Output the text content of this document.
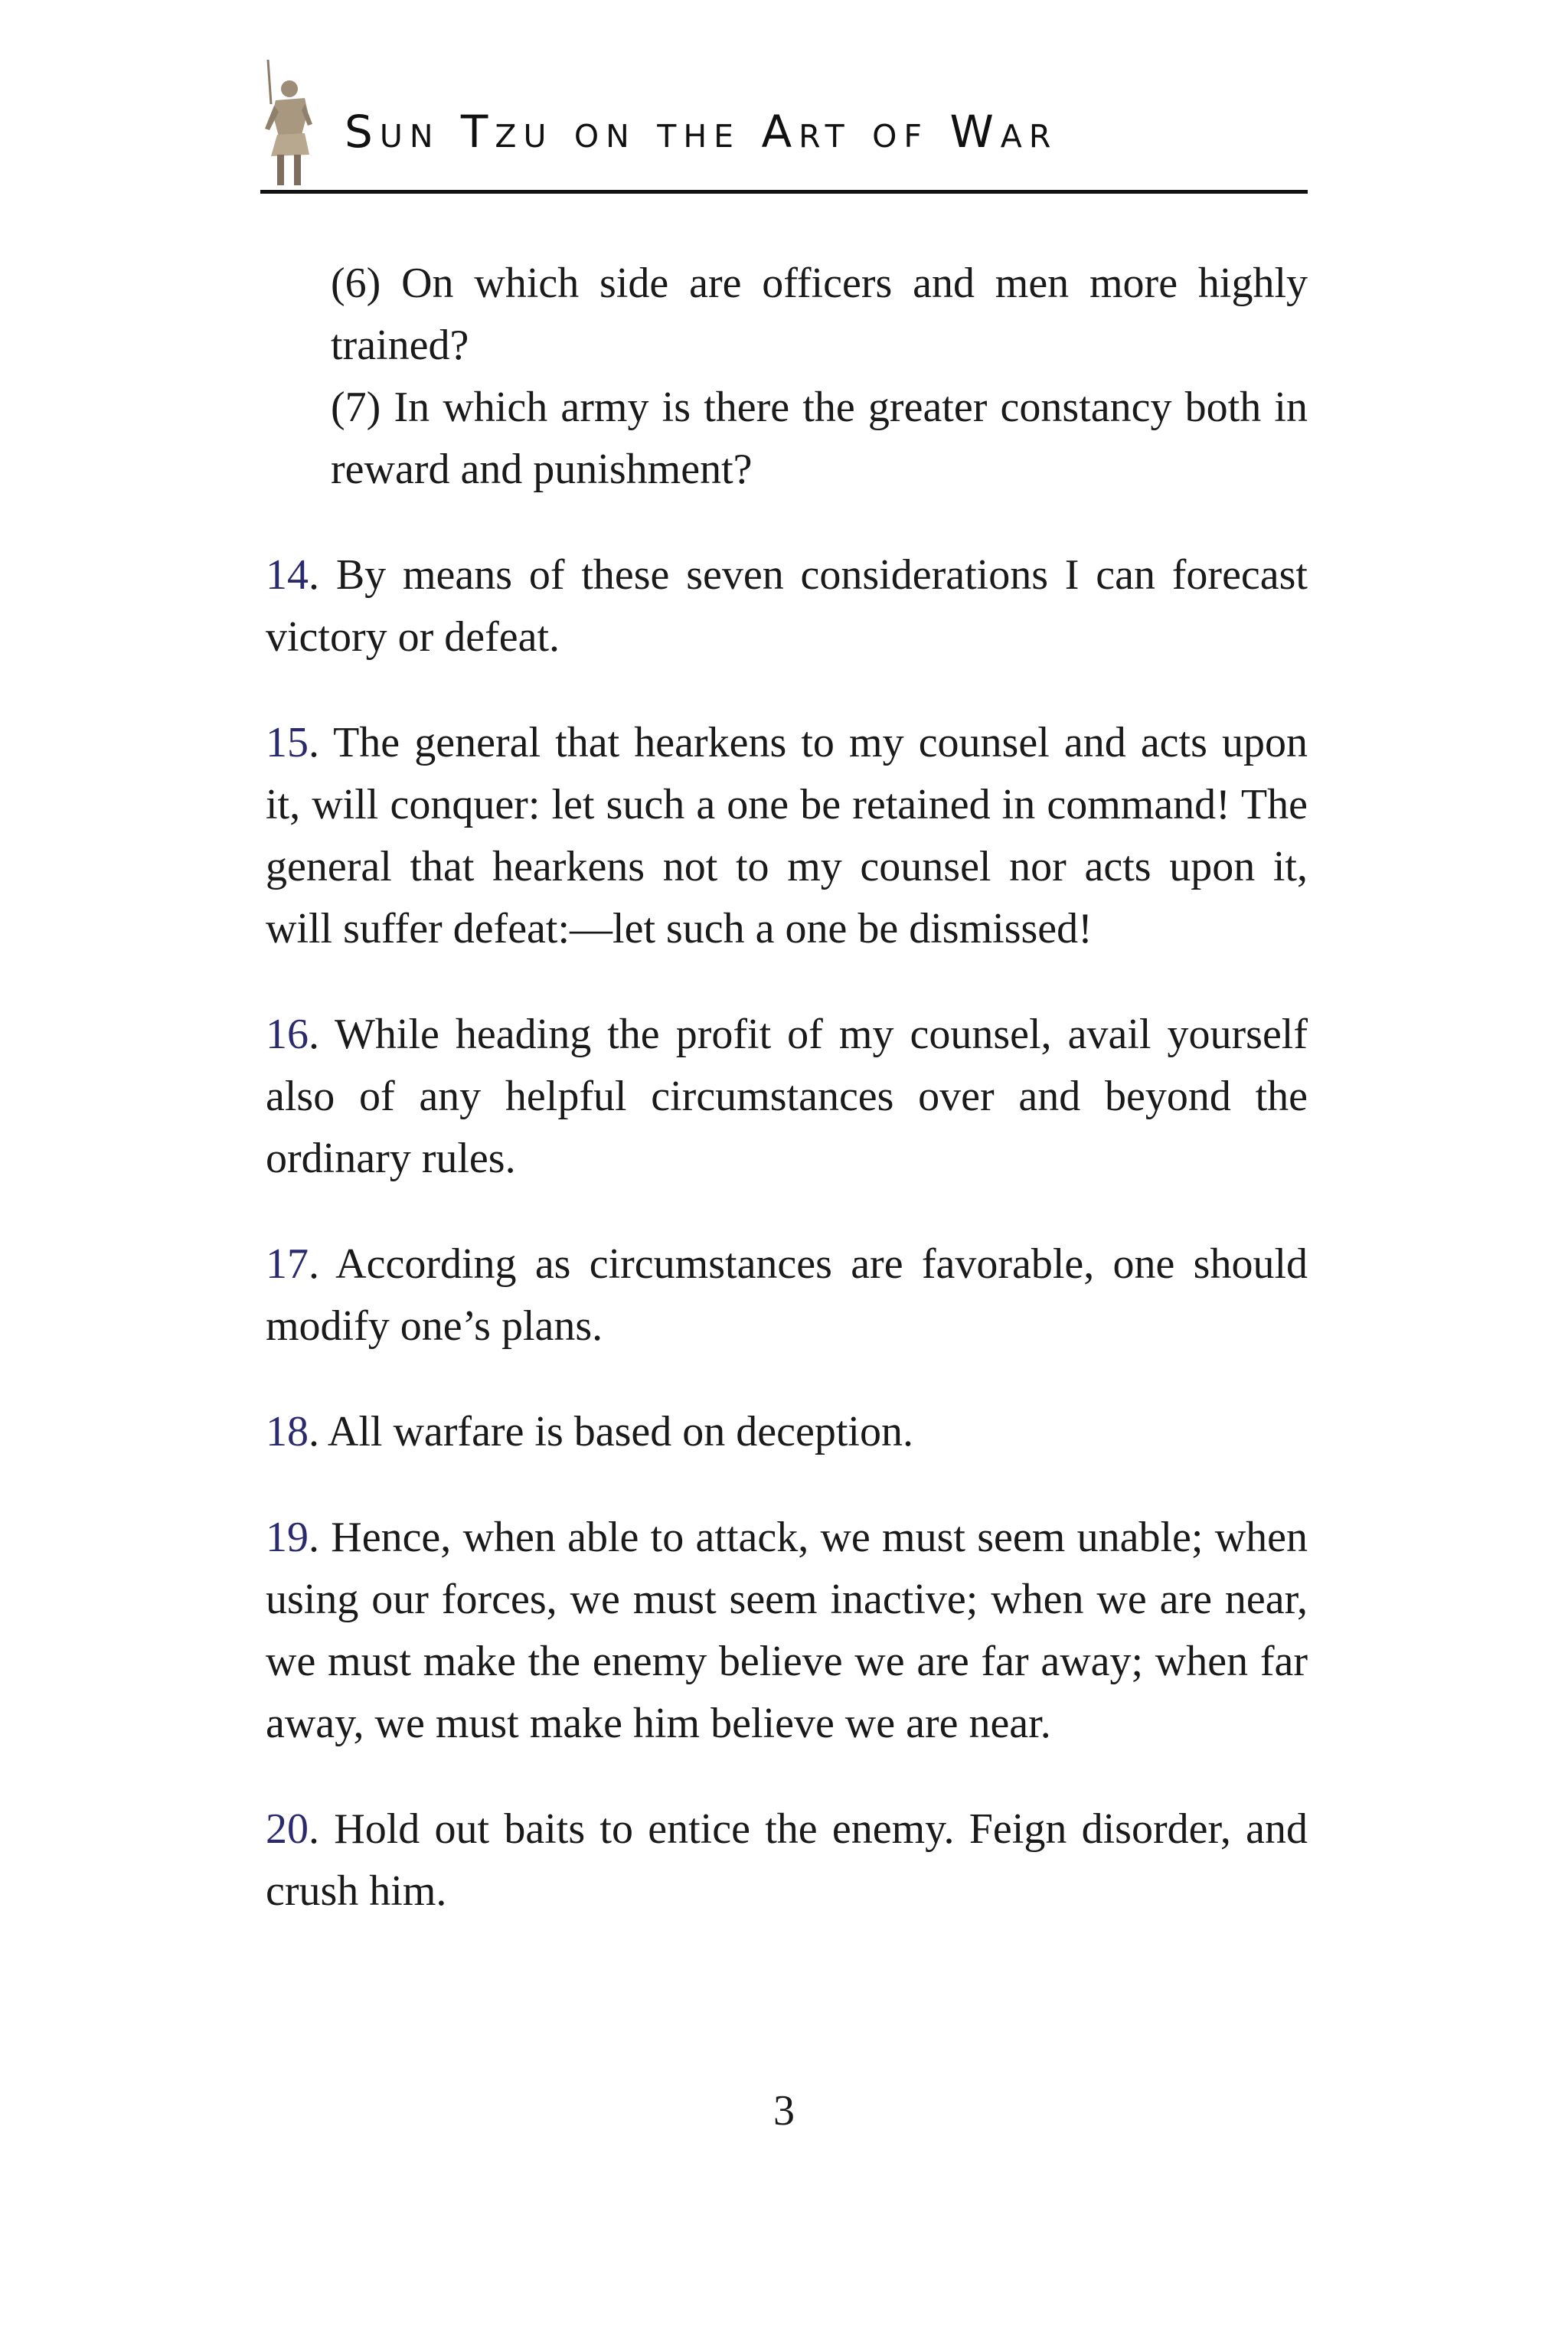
Sun Tzu on the Art of War

(6) On which side are officers and men more highly trained?

(7) In which army is there the greater constancy both in reward and punishment?

14. By means of these seven considerations I can forecast victory or defeat.

15. The general that hearkens to my counsel and acts upon it, will conquer: let such a one be retained in command! The general that hearkens not to my counsel nor acts upon it, will suffer defeat:—let such a one be dismissed!

16. While heading the profit of my counsel, avail yourself also of any helpful circumstances over and beyond the ordinary rules.

17. According as circumstances are favorable, one should modify one’s plans.

18. All warfare is based on deception.

19. Hence, when able to attack, we must seem unable; when using our forces, we must seem inactive; when we are near, we must make the enemy believe we are far away; when far away, we must make him believe we are near.

20. Hold out baits to entice the enemy. Feign disorder, and crush him.

3
